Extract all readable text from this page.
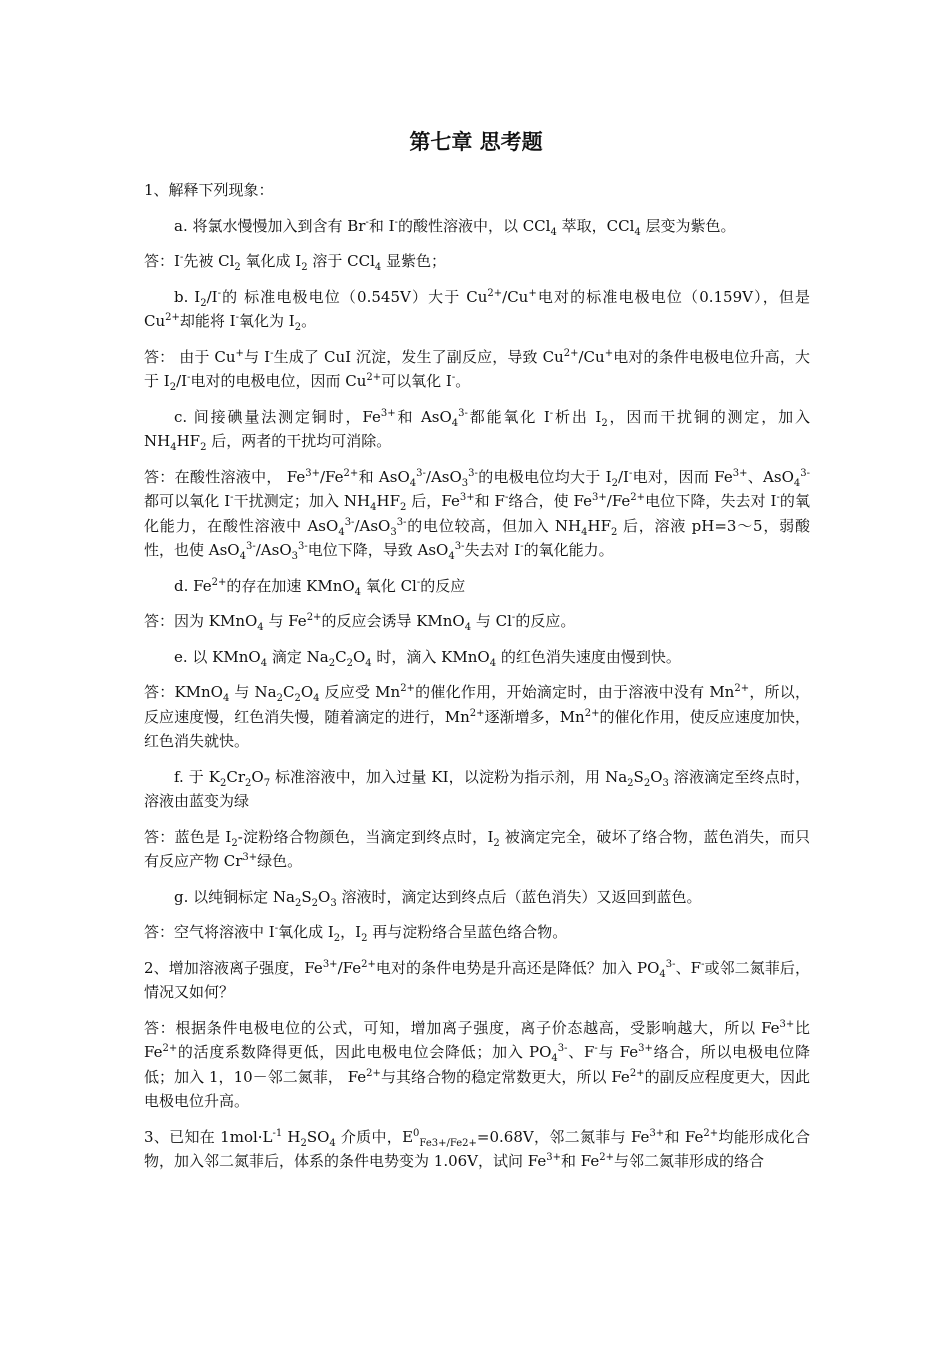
第七章 思考题

1、解释下列现象：

a. 将氯水慢慢加入到含有 Br-和 I-的酸性溶液中，以 CCl$_4$ 萃取，CCl$_4$ 层变为紫色。

答：I-先被 $Cl_2$ 氧化成 $I_2$ 溶于 CCl$_4$ 显紫色；

b. $I_2/I^-$的 标准电极电位（0.545V）大于 $Cu^{2+}/Cu^+$电对的标准电极电位（0.159V），但是 $Cu^{2+}$却能将 I-氧化为 $I_2$。

答： 由于 Cu+与 I-生成了 CuI 沉淀，发生了副反应，导致 $Cu^{2+}/Cu^+$电对的条件电极电位升高，大于 $I_2/I^-$电对的电极电位，因而 $Cu^{2+}$可以氧化 I-。

c. 间接碘量法测定铜时，$Fe^{3+}$和 AsO$_4^{3-}$都能氧化 I-析出 $I_2$，因而干扰铜的测定，加入 $NH_4HF_2$ 后，两者的干扰均可消除。

答：在酸性溶液中， $Fe^{3+}/Fe^{2+}$和 AsO$_4^{3-}$/AsO$_3^{3-}$的电极电位均大于 $I_2/I^-$电对，因而 $Fe^{3+}$、AsO$_4^{3-}$都可以氧化 I-干扰测定；加入 $NH_4HF_2$ 后，$Fe^{3+}$和 F-络合，使 $Fe^{3+}/Fe^{2+}$电位下降，失去对 I-的氧化能力，在酸性溶液中 AsO$_4^{3-}$/AsO$_3^{3-}$的电位较高，但加入 $NH_4HF_2$ 后，溶液 pH=3～5，弱酸性，也使 AsO$_4^{3-}$/AsO$_3^{3-}$电位下降，导致 AsO$_4^{3-}$失去对 I-的氧化能力。

d. $Fe^{2+}$的存在加速 KMnO$_4$ 氧化 Cl-的反应

答：因为 KMnO$_4$ 与 $Fe^{2+}$的反应会诱导 KMnO$_4$ 与 Cl-的反应。

e. 以 KMnO$_4$ 滴定 $Na_2C_2O_4$ 时，滴入 KMnO$_4$ 的红色消失速度由慢到快。

答：KMnO$_4$ 与 $Na_2C_2O_4$ 反应受 $Mn^{2+}$的催化作用，开始滴定时，由于溶液中没有 $Mn^{2+}$，所以，反应速度慢，红色消失慢，随着滴定的进行，$Mn^{2+}$逐渐增多，$Mn^{2+}$的催化作用，使反应速度加快，红色消失就快。

f. 于 $K_2Cr_2O_7$ 标准溶液中，加入过量 KI，以淀粉为指示剂，用 $Na_2S_2O_3$ 溶液滴定至终点时，溶液由蓝变为绿

答：蓝色是 $I_2-$淀粉络合物颜色，当滴定到终点时，$I_2$ 被滴定完全，破坏了络合物，蓝色消失，而只有反应产物 $Cr^{3+}$绿色。

g. 以纯铜标定 $Na_2S_2O_3$ 溶液时，滴定达到终点后（蓝色消失）又返回到蓝色。

答：空气将溶液中 I-氧化成 $I_2$，$I_2$ 再与淀粉络合呈蓝色络合物。

2、增加溶液离子强度，$Fe^{3+}/Fe^{2+}$电对的条件电势是升高还是降低？加入 $PO_4^{3-}$、F-或邻二氮菲后，情况又如何？

答：根据条件电极电位的公式，可知，增加离子强度，离子价态越高，受影响越大，所以 $Fe^{3+}$比 $Fe^{2+}$的活度系数降得更低，因此电极电位会降低；加入 $PO_4^{3-}$、F-与 $Fe^{3+}$络合，所以电极电位降低；加入 1，10－邻二氮菲， $Fe^{2+}$与其络合物的稳定常数更大，所以 $Fe^{2+}$的副反应程度更大，因此电极电位升高。

3、已知在 $1mol\cdot L^{-1}$ $H_2SO_4$ 介质中，$E^0_{Fe3+/Fe2+}=0.68V$，邻二氮菲与 $Fe^{3+}$和 $Fe^{2+}$均能形成化合物，加入邻二氮菲后，体系的条件电势变为 1.06V，试问 $Fe^{3+}$和 $Fe^{2+}$与邻二氮菲形成的络合
